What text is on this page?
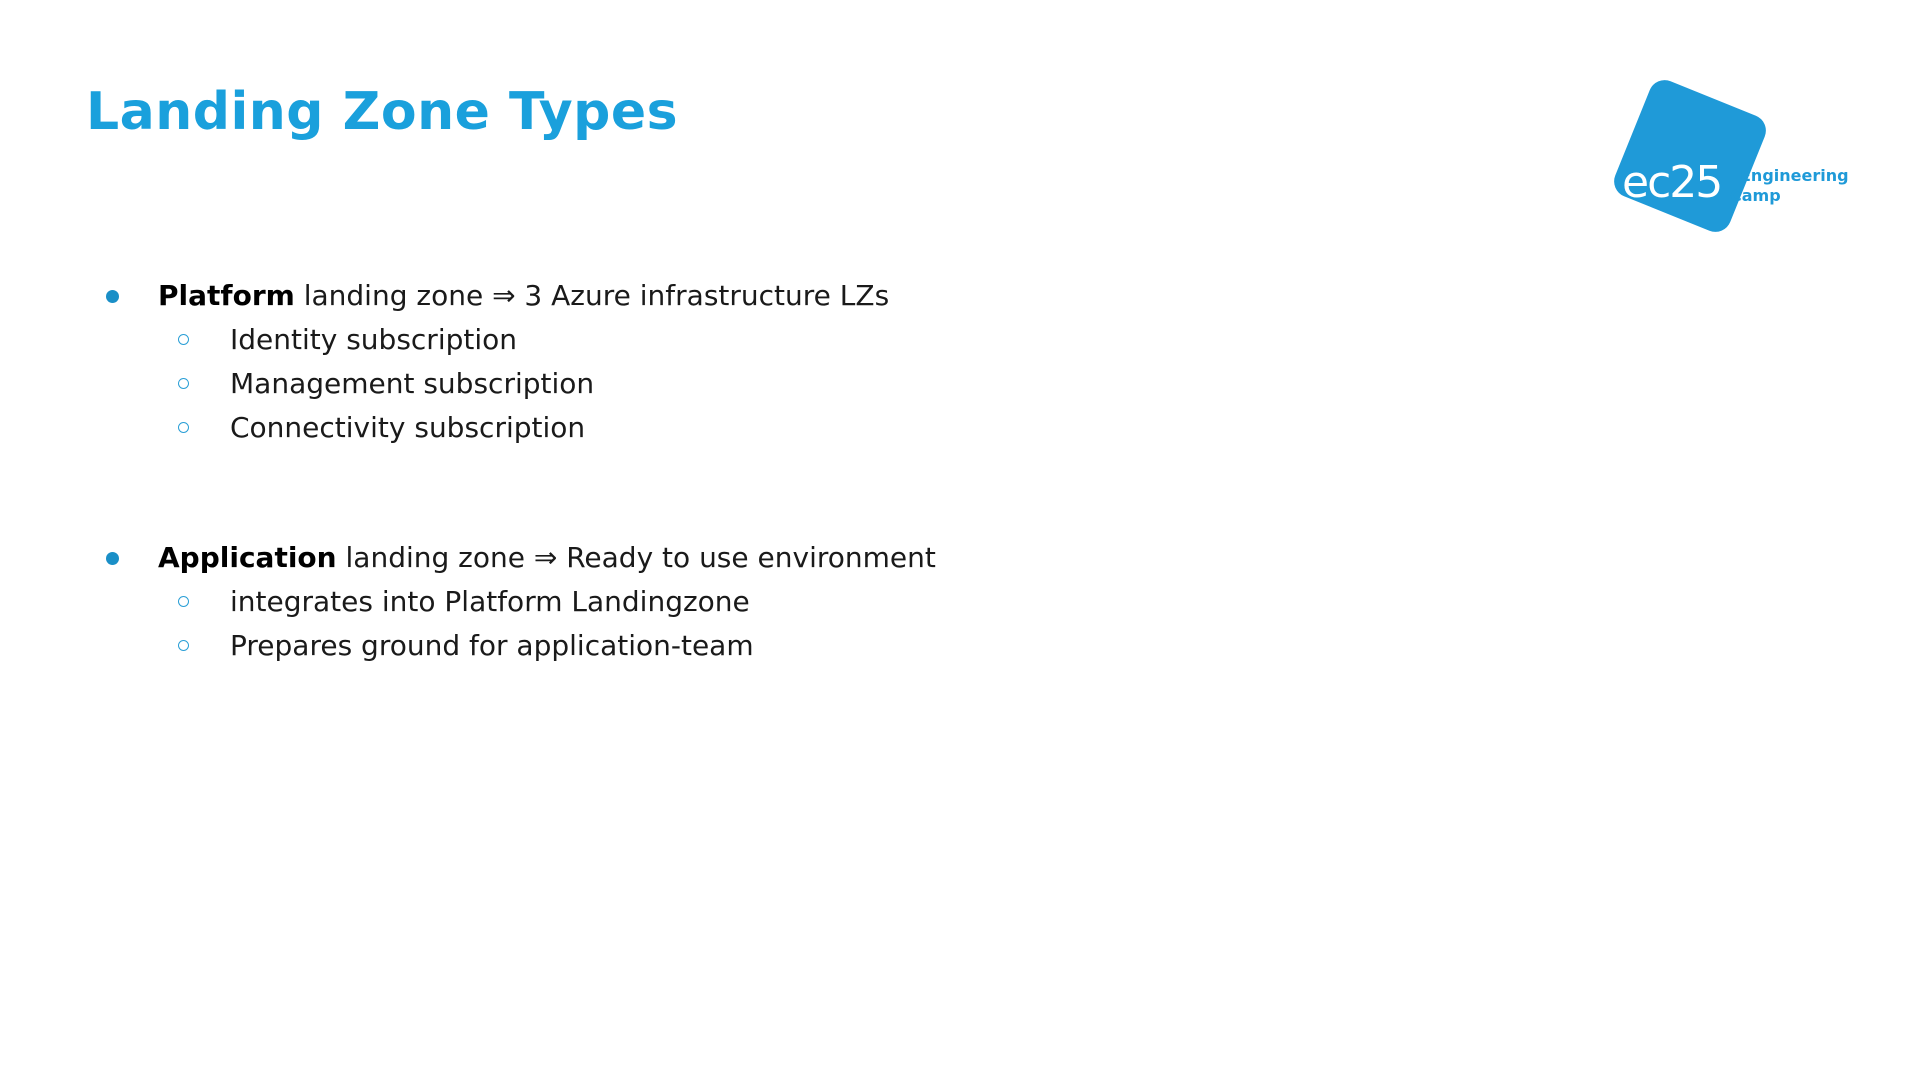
Landing Zone Types

ec25 Engineering
Camp
Platform landing zone ⇒ 3 Azure infrastructure LZs
Identity subscription
Management subscription
Connectivity subscription
Application landing zone ⇒ Ready to use environment
integrates into Platform Landingzone
Prepares ground for application-team
